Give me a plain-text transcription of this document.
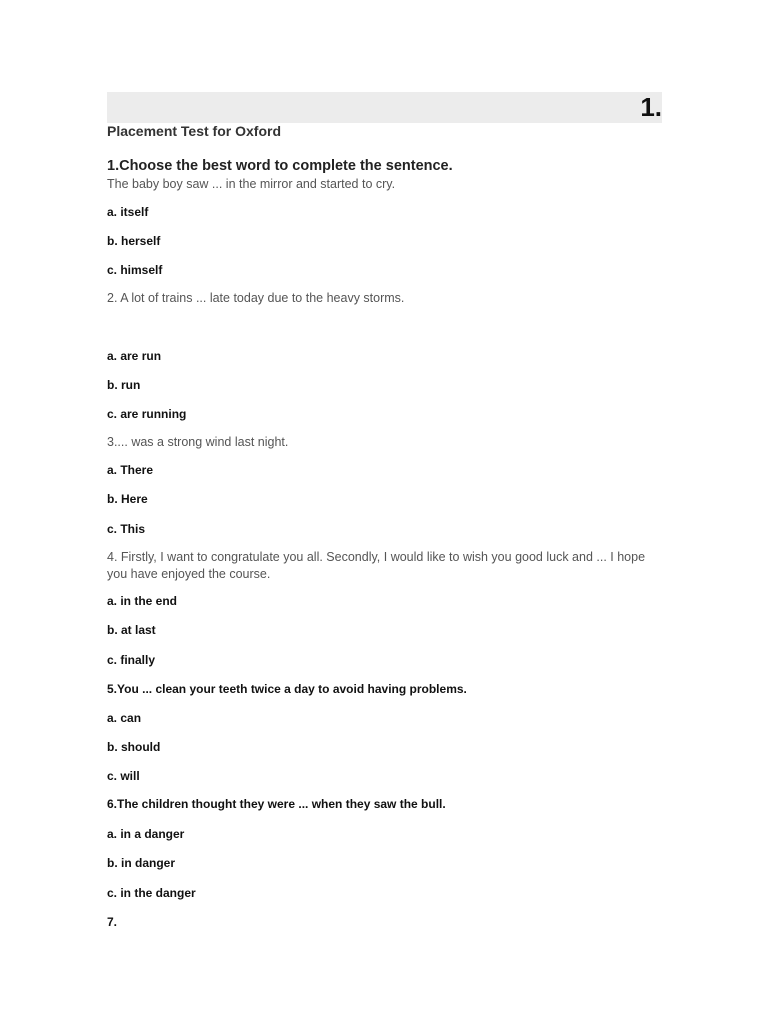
1.
Placement Test for Oxford
1.Choose the best word to complete the sentence.
The baby boy saw ... in the mirror and started to cry.
a. itself
b. herself
c. himself
2. A lot of trains ... late today due to the heavy storms.
a. are run
b. run
c. are running
3.... was a strong wind last night.
a. There
b. Here
c. This
4. Firstly, I want to congratulate you all. Secondly, I would like to wish you good luck and ... I hope you have enjoyed the course.
a. in the end
b. at last
c. finally
5.You ... clean your teeth twice a day to avoid having problems.
a. can
b. should
c. will
6.The children thought they were ... when they saw the bull.
a. in a danger
b. in danger
c. in the danger
7.
